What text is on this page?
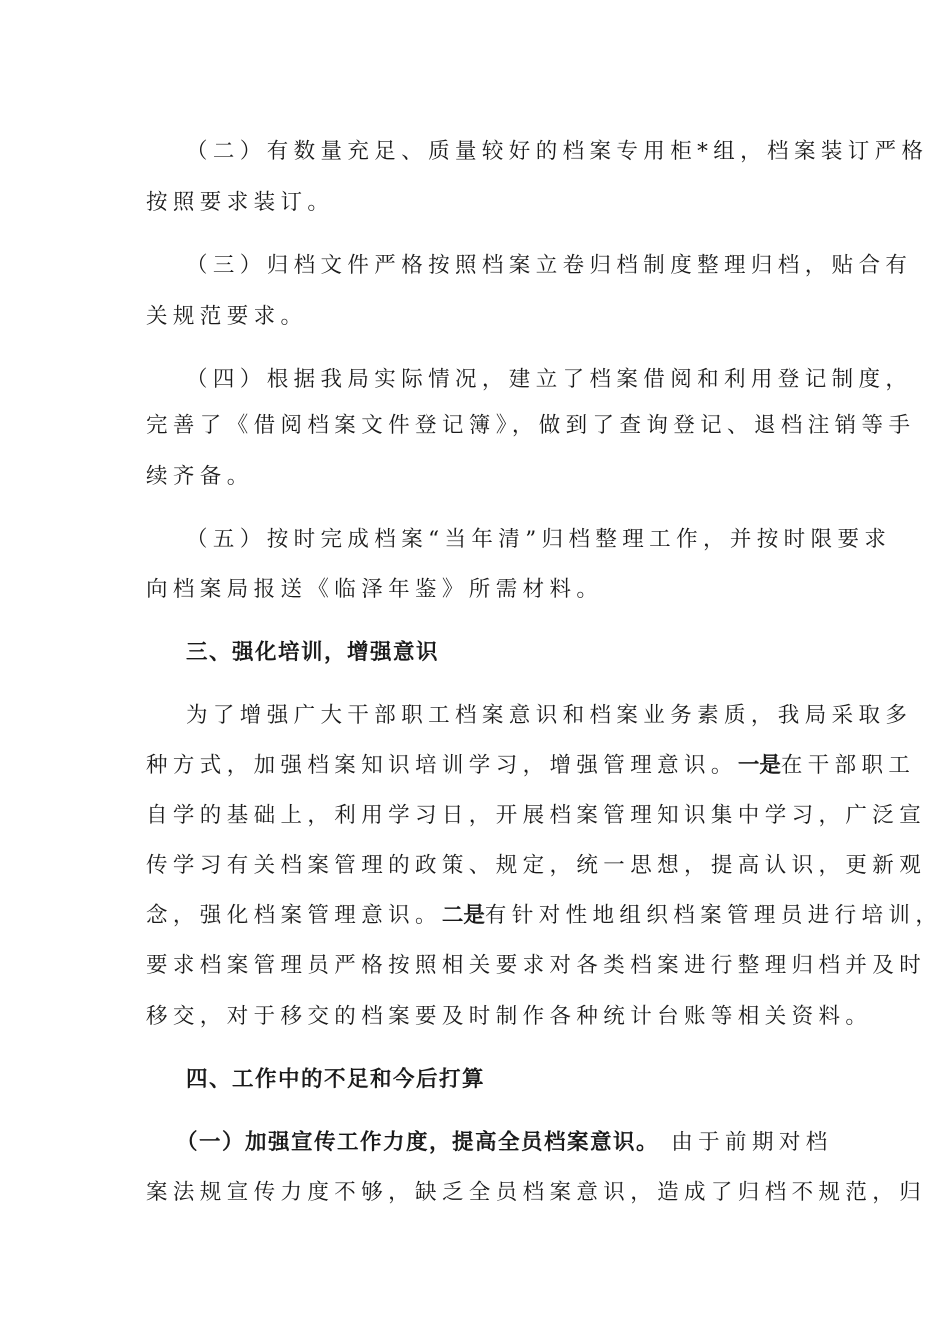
（二）有数量充足、质量较好的档案专用柜*组，档案装订严格
按照要求装订。
（三）归档文件严格按照档案立卷归档制度整理归档，贴合有
关规范要求。
（四）根据我局实际情况，建立了档案借阅和利用登记制度，
完善了《借阅档案文件登记簿》，做到了查询登记、退档注销等手
续齐备。
（五）按时完成档案“当年清”归档整理工作，并按时限要求
向档案局报送《临泽年鉴》所需材料。
三、强化培训，增强意识
为了增强广大干部职工档案意识和档案业务素质，我局采取多
种方式，加强档案知识培训学习，增强管理意识。一是在干部职工
自学的基础上，利用学习日，开展档案管理知识集中学习，广泛宣
传学习有关档案管理的政策、规定，统一思想，提高认识，更新观
念，强化档案管理意识。二是有针对性地组织档案管理员进行培训，
要求档案管理员严格按照相关要求对各类档案进行整理归档并及时
移交，对于移交的档案要及时制作各种统计台账等相关资料。
四、工作中的不足和今后打算
（一）加强宣传工作力度，提高全员档案意识。 由于前期对档
案法规宣传力度不够，缺乏全员档案意识，造成了归档不规范，归
